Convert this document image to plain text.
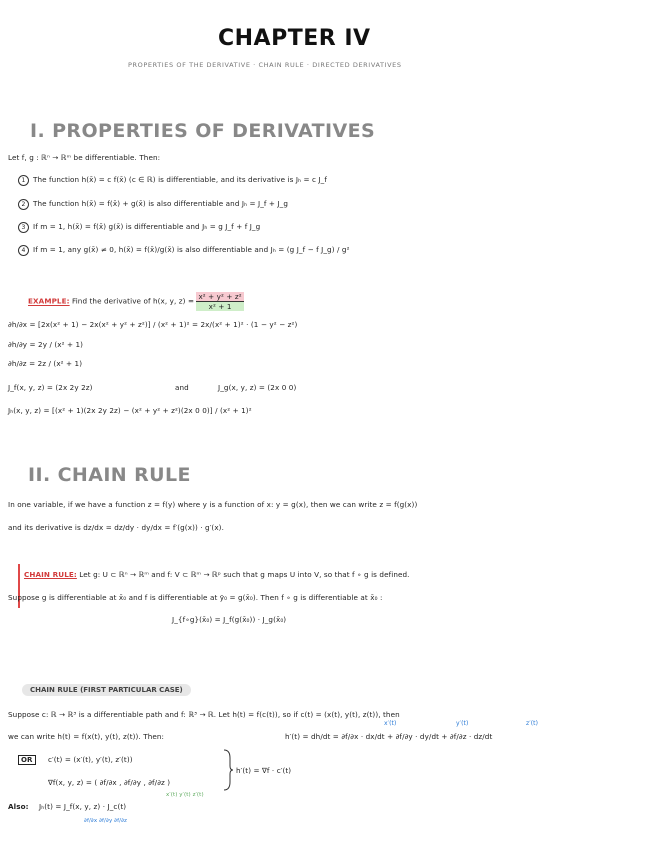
CHAPTER IV
PROPERTIES OF THE DERIVATIVE · CHAIN RULE · DIRECTED DERIVATIVES
I. PROPERTIES OF DERIVATIVES
Let f, g : ℝⁿ → ℝᵐ be differentiable. Then:
1 The function h(x̄) = c f(x̄) (c ∈ ℝ) is differentiable, and its derivative is Jₕ = c J_f
2 The function h(x̄) = f(x̄) + g(x̄) is also differentiable and Jₕ = J_f + J_g
3 If m = 1, h(x̄) = f(x̄) g(x̄) is differentiable and Jₕ = g J_f + f J_g
4 If m = 1, any g(x̄) ≠ 0, h(x̄) = f(x̄)/g(x̄) is also differentiable and Jₕ = (g J_f − f J_g) / g²
EXAMPLE: Find the derivative of h(x, y, $z) = \frac{\text{x² + y² + z²}}{\text{x² + 1}}$
∂h/∂x = [2x(x² + 1) − 2x(x² + y² + z²)] / (x² + 1)² = 2x/(x² + 1)² · (1 − y² − z²)
∂h/∂y = 2y / (x² + 1)
∂h/∂z = 2z / (x² + 1)
J_f(x, y, z) = (2x 2y 2z)	and	J_g(x, y, z) = (2x 0 0)
Jₕ(x, y, z) = [(x² + 1)(2x 2y 2z) − (x² + y² + z²)(2x 0 0)] / (x² + 1)²
II. CHAIN RULE
In one variable, if we have a function z = f(y) where y is a function of x: y = g(x), then we can write z = f(g(x))
and its derivative is dz/dx = dz/dy · dy/dx = f′(g(x)) · g′(x).
CHAIN RULE: Let g: U ⊂ ℝⁿ → ℝᵐ and f: V ⊂ ℝᵐ → ℝᵖ such that g maps U into V, so that f ∘ g is defined.
Suppose g is differentiable at x̄₀ and f is differentiable at ȳ₀ = g(x̄₀). Then f ∘ g is differentiable at x̄₀ :
J_{f∘g}(x̄₀) = J_f(g(x̄₀)) · J_g(x̄₀)
CHAIN RULE (FIRST PARTICULAR CASE)
Suppose c: ℝ → ℝ³ is a differentiable path and f: ℝ³ → ℝ. Let h(t) = f(c(t)), so if c(t) = (x(t), y(t), z(t)), then
we can write h(t) = f(x(t), y(t), z(t)). Then:	h′(t) = dh/dt = ∂f/∂x · dx/dt + ∂f/∂y · dy/dt + ∂f/∂z · dz/dt
x′(t)	y′(t)	z′(t)
OR c′(t) = (x′(t), y′(t), z′(t))
∇f(x, y, z) = ( ∂f/∂x , ∂f/∂y , ∂f/∂z )
h′(t) = ∇f · c′(t)
Also: Jₕ(t) = J_f(x, y, z) · J_c(t)
x′(t) y′(t) z′(t)
∂f/∂x ∂f/∂y ∂f/∂z
